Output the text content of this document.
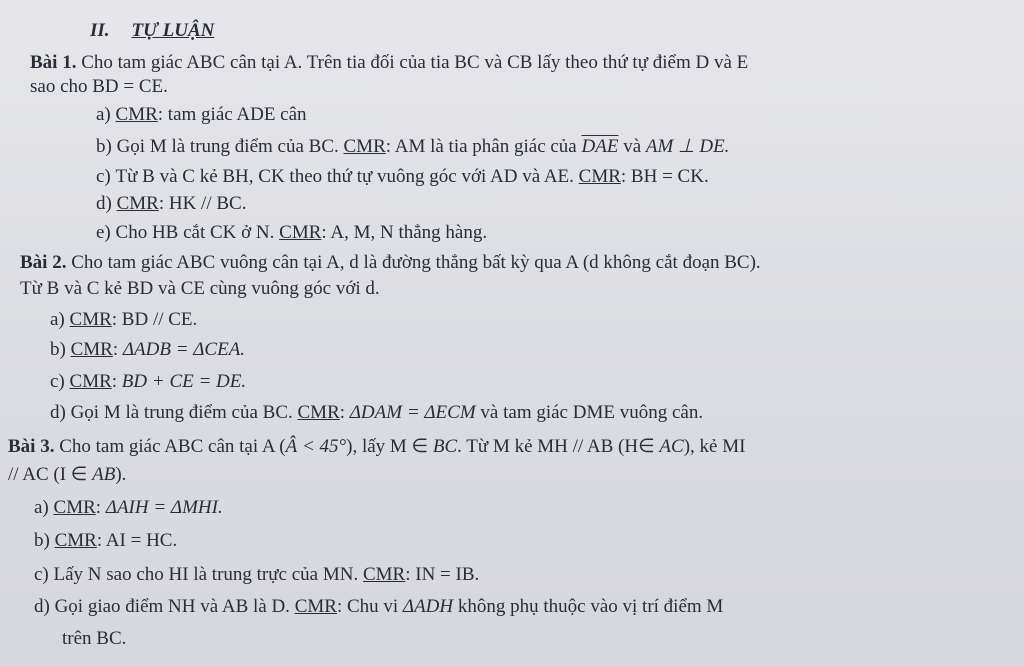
II. TỰ LUẬN
Bài 1. Cho tam giác ABC cân tại A. Trên tia đối của tia BC và CB lấy theo thứ tự điểm D và E
sao cho BD = CE.
a) CMR: tam giác ADE cân
b) Gọi M là trung điểm của BC. CMR: AM là tia phân giác của $\overline{DAE}$ và AM ⊥ DE.
c) Từ B và C kẻ BH, CK theo thứ tự vuông góc với AD và AE. CMR: BH = CK.
d) CMR: HK // BC.
e) Cho HB cắt CK ở N. CMR: A, M, N thẳng hàng.
Bài 2. Cho tam giác ABC vuông cân tại A, d là đường thẳng bất kỳ qua A (d không cắt đoạn BC).
Từ B và C kẻ BD và CE cùng vuông góc với d.
a) CMR: BD // CE.
b) CMR: ΔADB = ΔCEA.
c) CMR: BD + CE = DE.
d) Gọi M là trung điểm của BC. CMR: ΔDAM = ΔECM và tam giác DME vuông cân.
Bài 3. Cho tam giác ABC cân tại A (Â < 45°), lấy M ∈ BC. Từ M kẻ MH // AB (H∈ AC), kẻ MI
// AC (I ∈ AB).
a) CMR: ΔAIH = ΔMHI.
b) CMR: AI = HC.
c) Lấy N sao cho HI là trung trực của MN. CMR: IN = IB.
d) Gọi giao điểm NH và AB là D. CMR: Chu vi ΔADH không phụ thuộc vào vị trí điểm M
trên BC.
